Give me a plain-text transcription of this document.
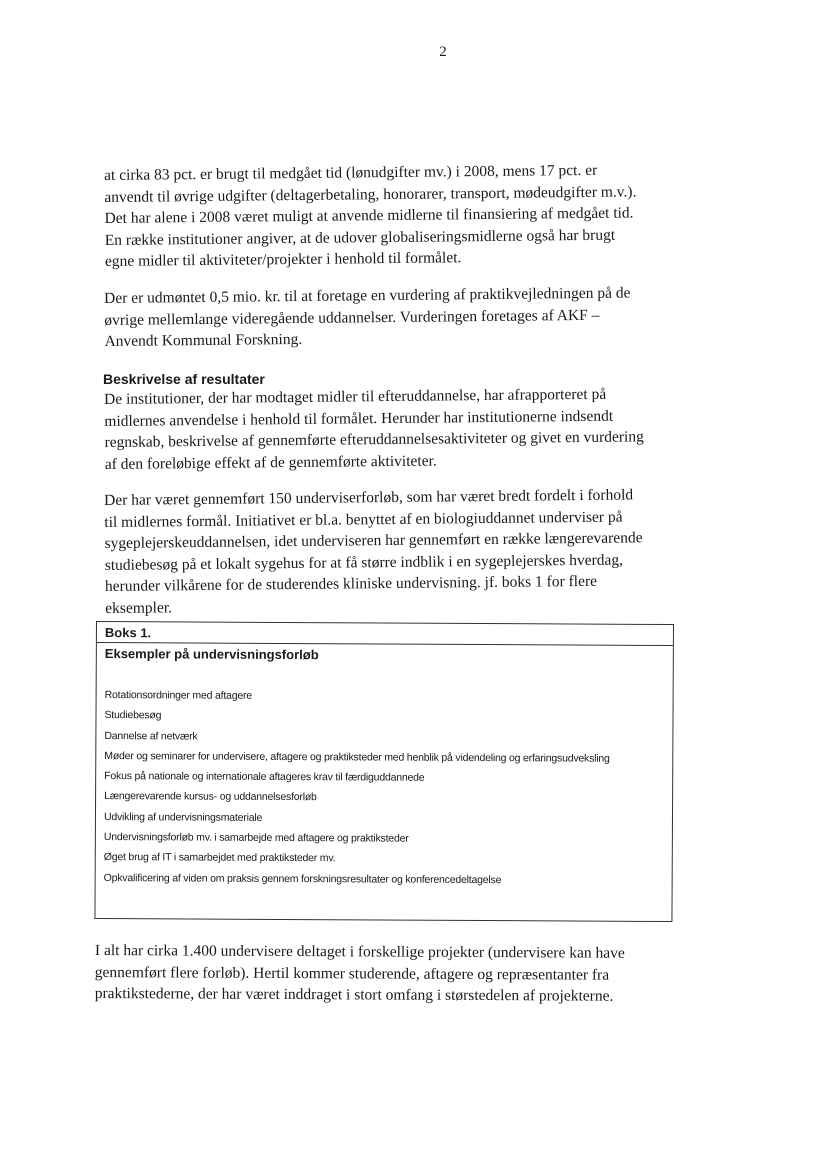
2

at cirka 83 pct. er brugt til medgået tid (lønudgifter mv.) i 2008, mens 17 pct. er anvendt til øvrige udgifter (deltagerbetaling, honorarer, transport, mødeudgifter m.v.). Det har alene i 2008 været muligt at anvende midlerne til finansiering af medgået tid. En række institutioner angiver, at de udover globaliseringsmidlerne også har brugt egne midler til aktiviteter/projekter i henhold til formålet.

Der er udmøntet 0,5 mio. kr. til at foretage en vurdering af praktikvejledningen på de øvrige mellemlange videregående uddannelser. Vurderingen foretages af AKF – Anvendt Kommunal Forskning.

Beskrivelse af resultater

De institutioner, der har modtaget midler til efteruddannelse, har afrapporteret på midlernes anvendelse i henhold til formålet. Herunder har institutionerne indsendt regnskab, beskrivelse af gennemførte efteruddannelsesaktiviteter og givet en vurdering af den foreløbige effekt af de gennemførte aktiviteter.

Der har været gennemført 150 underviserforløb, som har været bredt fordelt i forhold til midlernes formål. Initiativet er bl.a. benyttet af en biologiuddannet underviser på sygeplejerskeuddannelsen, idet underviseren har gennemført en række længerevarende studiebesøg på et lokalt sygehus for at få større indblik i en sygeplejerskes hverdag, herunder vilkårene for de studerendes kliniske undervisning. jf. boks 1 for flere eksempler.

Boks 1.
Eksempler på undervisningsforløb
Rotationsordninger med aftagere
Studiebesøg
Dannelse af netværk
Møder og seminarer for undervisere, aftagere og praktiksteder med henblik på videndeling og erfaringsudveksling
Fokus på nationale og internationale aftageres krav til færdiguddannede
Længerevarende kursus- og uddannelsesforløb
Udvikling af undervisningsmateriale
Undervisningsforløb mv. i samarbejde med aftagere og praktiksteder
Øget brug af IT i samarbejdet med praktiksteder mv.
Opkvalificering af viden om praksis gennem forskningsresultater og konferencedeltagelse

I alt har cirka 1.400 undervisere deltaget i forskellige projekter (undervisere kan have gennemført flere forløb). Hertil kommer studerende, aftagere og repræsentanter fra praktikstederne, der har været inddraget i stort omfang i størstedelen af projekterne.
